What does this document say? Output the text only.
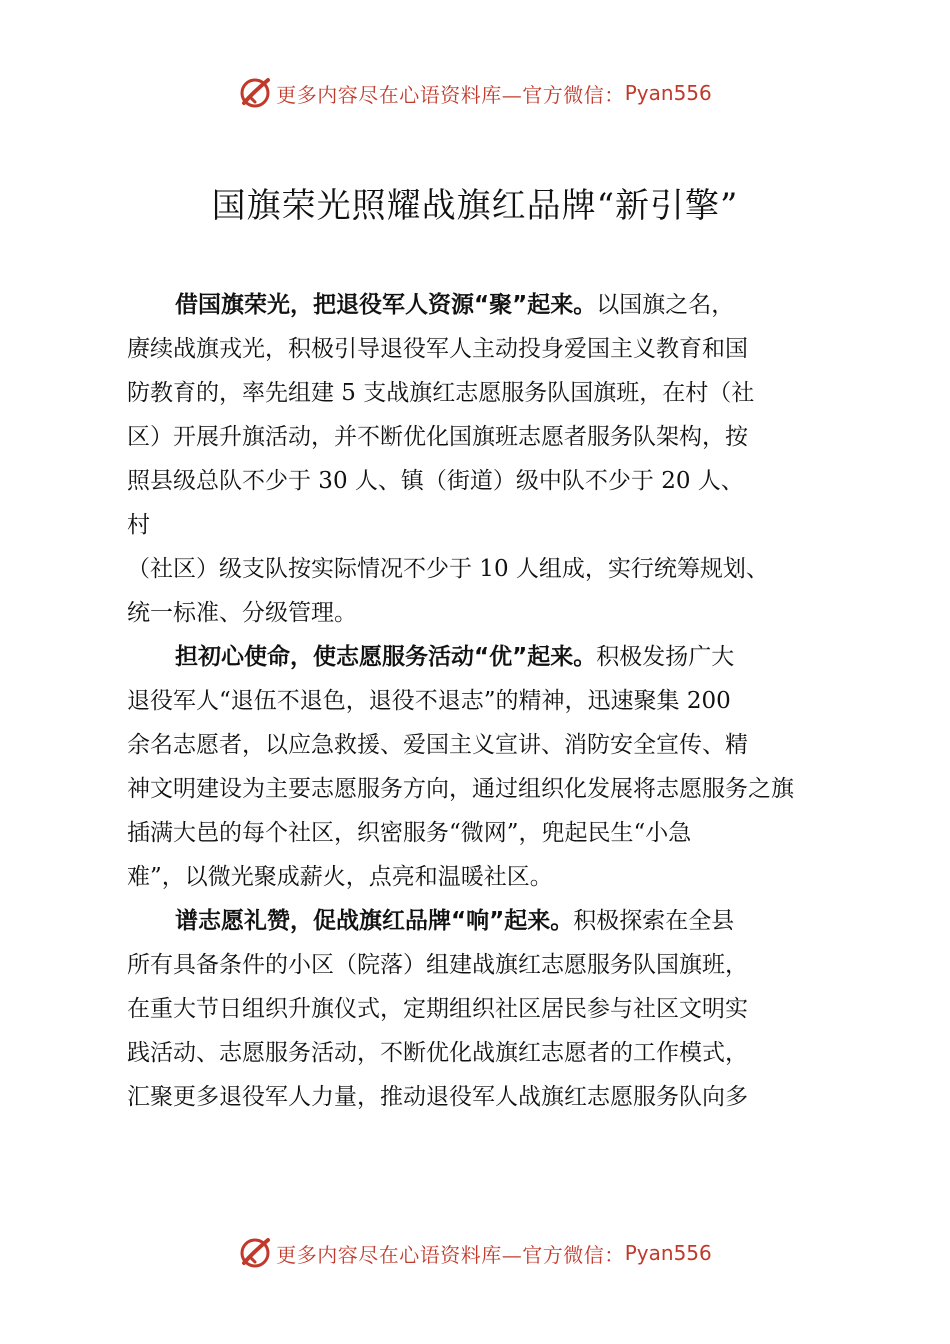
更多内容尽在心语资料库—官方微信： Pyan556
国旗荣光照耀战旗红品牌“新引擎”

借国旗荣光，把退役军人资源“聚”起来。以国旗之名，
赓续战旗戎光，积极引导退役军人主动投身爱国主义教育和国
防教育的，率先组建 5 支战旗红志愿服务队国旗班，在村（社
区）开展升旗活动，并不断优化国旗班志愿者服务队架构，按
照县级总队不少于 30 人、镇（街道）级中队不少于 20 人、
村
（社区）级支队按实际情况不少于 10 人组成，实行统筹规划、
统一标准、分级管理。

担初心使命，使志愿服务活动“优”起来。积极发扬广大
退役军人“退伍不退色，退役不退志”的精神，迅速聚集 200
余名志愿者，以应急救援、爱国主义宣讲、消防安全宣传、精
神文明建设为主要志愿服务方向，通过组织化发展将志愿服务之旗
插满大邑的每个社区，织密服务“微网”，兜起民生“小急
难”，以微光聚成薪火，点亮和温暖社区。

谱志愿礼赞，促战旗红品牌“响”起来。积极探索在全县
所有具备条件的小区（院落）组建战旗红志愿服务队国旗班，
在重大节日组织升旗仪式，定期组织社区居民参与社区文明实
践活动、志愿服务活动，不断优化战旗红志愿者的工作模式，
汇聚更多退役军人力量，推动退役军人战旗红志愿服务队向多

更多内容尽在心语资料库—官方微信： Pyan556
